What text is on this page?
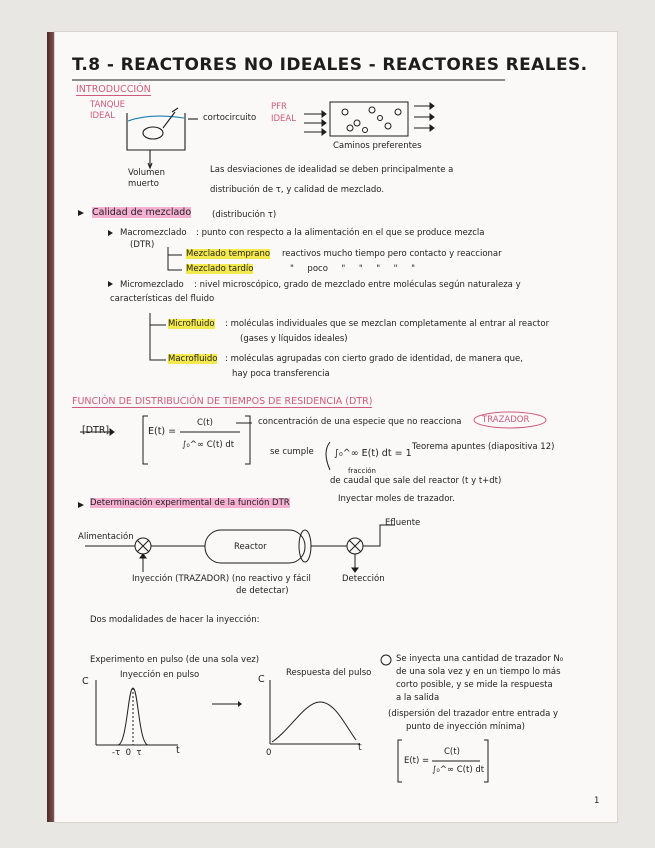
T.8 - REACTORES NO IDEALES - REACTORES REALES.
INTRODUCCIÓN
TANQUE
IDEAL	cortocircuito
PFR
IDEAL
Volumen
muerto
Caminos preferentes
Las desviaciones de idealidad se deben principalmente a
distribución de τ, y calidad de mezclado.
Calidad de mezclado (distribución τ)
Macromezclado : punto con respecto a la alimentación en el que se produce mezcla
(DTR)
Mezclado temprano reactivos mucho tiempo pero contacto y reaccionar
Mezclado tardío	"     poco     "     "     "     "     "
Micromezclado : nivel microscópico, grado de mezclado entre moléculas según naturaleza y
características del fluido
Microfluido : moléculas individuales que se mezclan completamente al entrar al reactor
(gases y líquidos ideales)
Macrofluido : moléculas agrupadas con cierto grado de identidad, de manera que,
hay poca transferencia
FUNCIÓN DE DISTRIBUCIÓN DE TIEMPOS DE RESIDENCIA (DTR)
[DTR]	E(t) =
C(t)
∫₀^∞ C(t) dt
concentración de una especie que no reacciona TRAZADOR
se cumple ∫₀^∞ E(t) dt = 1
fracción
Teorema apuntes (diapositiva 12)
de caudal que sale del reactor (t y t+dt)
Determinación experimental de la función DTR	Inyectar moles de trazador.
Alimentación
Efluente
Reactor
Inyección (TRAZADOR) (no reactivo y fácil
de detectar)
Detección
Dos modalidades de hacer la inyección:
Experimento en pulso (de una sola vez)
Inyección en pulso	Respuesta del pulso
C	C
-τ  0  τ	t	0	t
Se inyecta una cantidad de trazador N₀
de una sola vez y en un tiempo lo más
corto posible, y se mide la respuesta
a la salida
(dispersión del trazador entre entrada y
punto de inyección mínima)
E(t) =
C(t)
∫₀^∞ C(t) dt
1
